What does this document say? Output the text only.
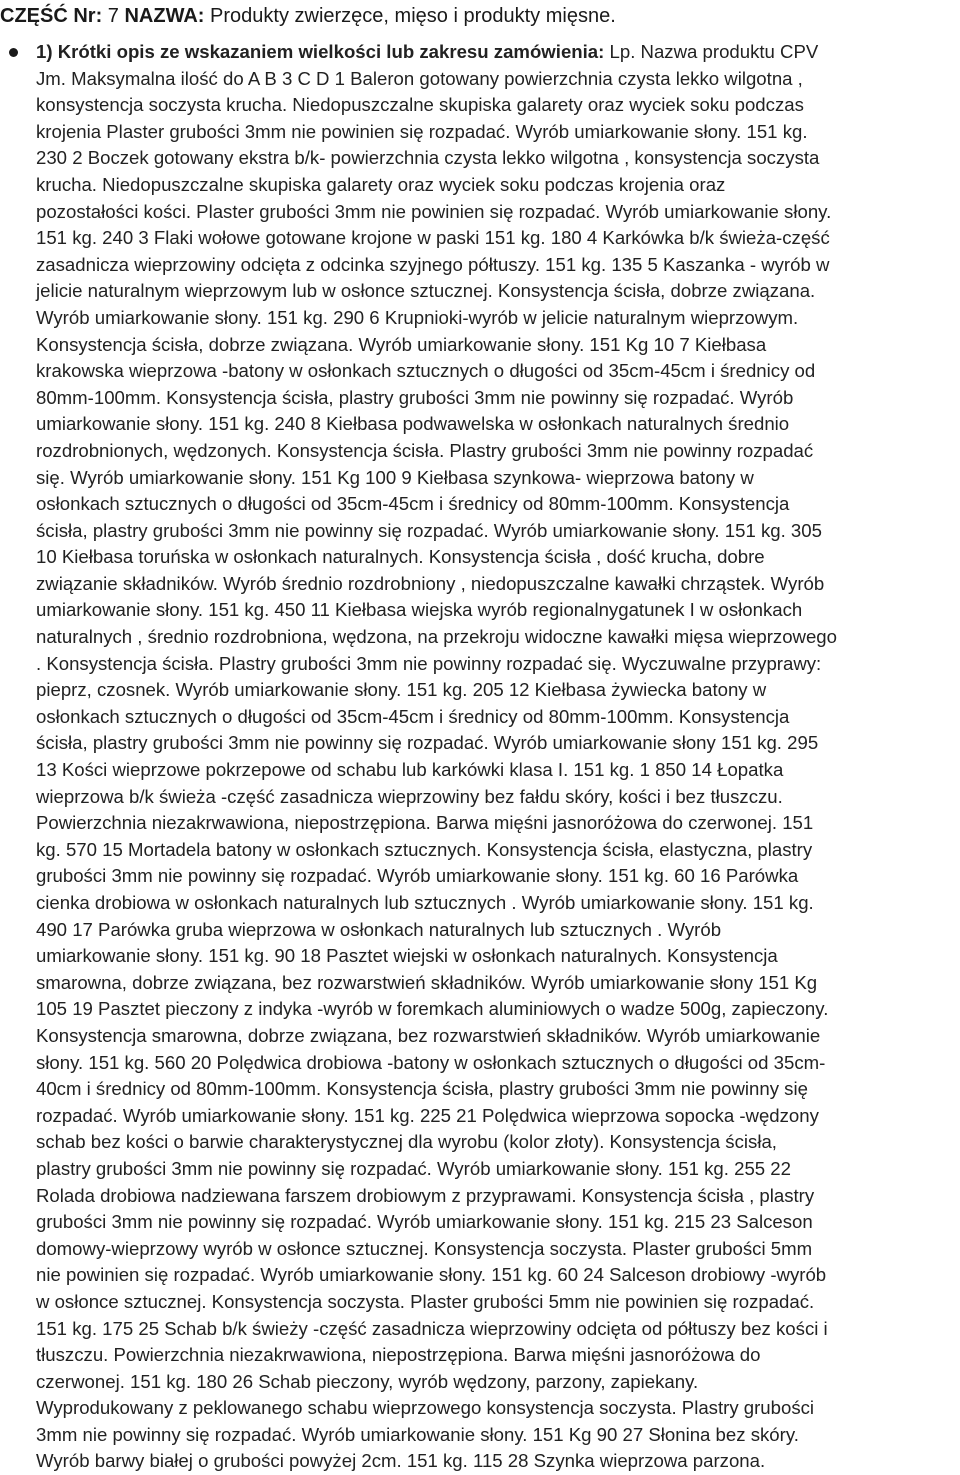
CZĘŚĆ Nr: 7 NAZWA: Produkty zwierzęce, mięso i produkty mięsne.
1) Krótki opis ze wskazaniem wielkości lub zakresu zamówienia: Lp. Nazwa produktu CPV
Jm. Maksymalna ilość do A B 3 C D 1 Baleron gotowany powierzchnia czysta lekko wilgotna ,
konsystencja soczysta krucha. Niedopuszczalne skupiska galarety oraz wyciek soku podczas
krojenia Plaster grubości 3mm nie powinien się rozpadać. Wyrób umiarkowanie słony. 151 kg.
230 2 Boczek gotowany ekstra b/k- powierzchnia czysta lekko wilgotna , konsystencja soczysta
krucha. Niedopuszczalne skupiska galarety oraz wyciek soku podczas krojenia oraz
pozostałości kości. Plaster grubości 3mm nie powinien się rozpadać. Wyrób umiarkowanie słony.
151 kg. 240 3 Flaki wołowe gotowane krojone w paski 151 kg. 180 4 Karkówka b/k świeża-część
zasadnicza wieprzowiny odcięta z odcinka szyjnego półtuszy. 151 kg. 135 5 Kaszanka - wyrób w
jelicie naturalnym wieprzowym lub w osłonce sztucznej. Konsystencja ścisła, dobrze związana.
Wyrób umiarkowanie słony. 151 kg. 290 6 Krupnioki-wyrób w jelicie naturalnym wieprzowym.
Konsystencja ścisła, dobrze związana. Wyrób umiarkowanie słony. 151 Kg 10 7 Kiełbasa
krakowska wieprzowa -batony w osłonkach sztucznych o długości od 35cm-45cm i średnicy od
80mm-100mm. Konsystencja ścisła, plastry grubości 3mm nie powinny się rozpadać. Wyrób
umiarkowanie słony. 151 kg. 240 8 Kiełbasa podwawelska w osłonkach naturalnych średnio
rozdrobnionych, wędzonych. Konsystencja ścisła. Plastry grubości 3mm nie powinny rozpadać
się. Wyrób umiarkowanie słony. 151 Kg 100 9 Kiełbasa szynkowa- wieprzowa batony w
osłonkach sztucznych o długości od 35cm-45cm i średnicy od 80mm-100mm. Konsystencja
ścisła, plastry grubości 3mm nie powinny się rozpadać. Wyrób umiarkowanie słony. 151 kg. 305
10 Kiełbasa toruńska w osłonkach naturalnych. Konsystencja ścisła , dość krucha, dobre
związanie składników. Wyrób średnio rozdrobniony , niedopuszczalne kawałki chrząstek. Wyrób
umiarkowanie słony. 151 kg. 450 11 Kiełbasa wiejska wyrób regionalnygatunek I w osłonkach
naturalnych , średnio rozdrobniona, wędzona, na przekroju widoczne kawałki mięsa wieprzowego
. Konsystencja ścisła. Plastry grubości 3mm nie powinny rozpadać się. Wyczuwalne przyprawy:
pieprz, czosnek. Wyrób umiarkowanie słony. 151 kg. 205 12 Kiełbasa żywiecka batony w
osłonkach sztucznych o długości od 35cm-45cm i średnicy od 80mm-100mm. Konsystencja
ścisła, plastry grubości 3mm nie powinny się rozpadać. Wyrób umiarkowanie słony 151 kg. 295
13 Kości wieprzowe pokrzepowe od schabu lub karkówki klasa I. 151 kg. 1 850 14 Łopatka
wieprzowa b/k świeża -część zasadnicza wieprzowiny bez fałdu skóry, kości i bez tłuszczu.
Powierzchnia niezakrwawiona, niepostrzępiona. Barwa mięśni jasnoróżowa do czerwonej. 151
kg. 570 15 Mortadela batony w osłonkach sztucznych. Konsystencja ścisła, elastyczna, plastry
grubości 3mm nie powinny się rozpadać. Wyrób umiarkowanie słony. 151 kg. 60 16 Parówka
cienka drobiowa w osłonkach naturalnych lub sztucznych . Wyrób umiarkowanie słony. 151 kg.
490 17 Parówka gruba wieprzowa w osłonkach naturalnych lub sztucznych . Wyrób
umiarkowanie słony. 151 kg. 90 18 Pasztet wiejski w osłonkach naturalnych. Konsystencja
smarowna, dobrze związana, bez rozwarstwień składników. Wyrób umiarkowanie słony 151 Kg
105 19 Pasztet pieczony z indyka -wyrób w foremkach aluminiowych o wadze 500g, zapieczony.
Konsystencja smarowna, dobrze związana, bez rozwarstwień składników. Wyrób umiarkowanie
słony. 151 kg. 560 20 Polędwica drobiowa -batony w osłonkach sztucznych o długości od 35cm-
40cm i średnicy od 80mm-100mm. Konsystencja ścisła, plastry grubości 3mm nie powinny się
rozpadać. Wyrób umiarkowanie słony. 151 kg. 225 21 Polędwica wieprzowa sopocka -wędzony
schab bez kości o barwie charakterystycznej dla wyrobu (kolor złoty). Konsystencja ścisła,
plastry grubości 3mm nie powinny się rozpadać. Wyrób umiarkowanie słony. 151 kg. 255 22
Rolada drobiowa nadziewana farszem drobiowym z przyprawami. Konsystencja ścisła , plastry
grubości 3mm nie powinny się rozpadać. Wyrób umiarkowanie słony. 151 kg. 215 23 Salceson
domowy-wieprzowy wyrób w osłonce sztucznej. Konsystencja soczysta. Plaster grubości 5mm
nie powinien się rozpadać. Wyrób umiarkowanie słony. 151 kg. 60 24 Salceson drobiowy -wyrób
w osłonce sztucznej. Konsystencja soczysta. Plaster grubości 5mm nie powinien się rozpadać.
151 kg. 175 25 Schab b/k świeży -część zasadnicza wieprzowiny odcięta od półtuszy bez kości i
tłuszczu. Powierzchnia niezakrwawiona, niepostrzępiona. Barwa mięśni jasnoróżowa do
czerwonej. 151 kg. 180 26 Schab pieczony, wyrób wędzony, parzony, zapiekany.
Wyprodukowany z peklowanego schabu wieprzowego konsystencja soczysta. Plastry grubości
3mm nie powinny się rozpadać. Wyrób umiarkowanie słony. 151 Kg 90 27 Słonina bez skóry.
Wyrób barwy białej o grubości powyżej 2cm. 151 kg. 115 28 Szynka wieprzowa parzona.
